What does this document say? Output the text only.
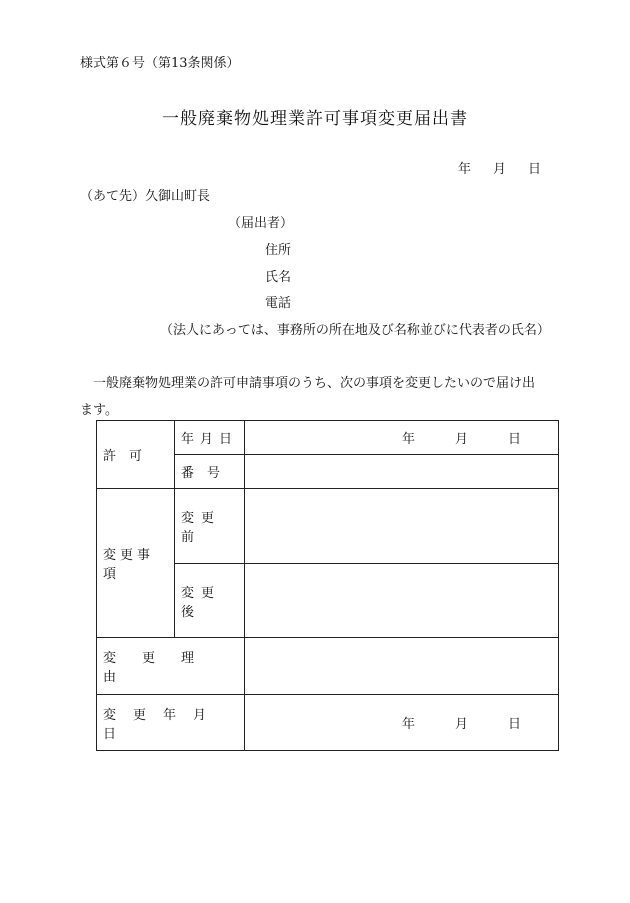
様式第６号（第13条関係）
一般廃棄物処理業許可事項変更届出書
年 月 日
（あて先）久御山町長
（届出者）
住所
氏名
電話
（法人にあっては、事務所の所在地及び名称並びに代表者の氏名）
一般廃棄物処理業の許可申請事項のうち、次の事項を変更したいので届け出
ます。
許　可	年月日	年 月 日

	番　号	
変更事項	変更前	
	変更後	
変更理由		
変更年月日		年 月 日
